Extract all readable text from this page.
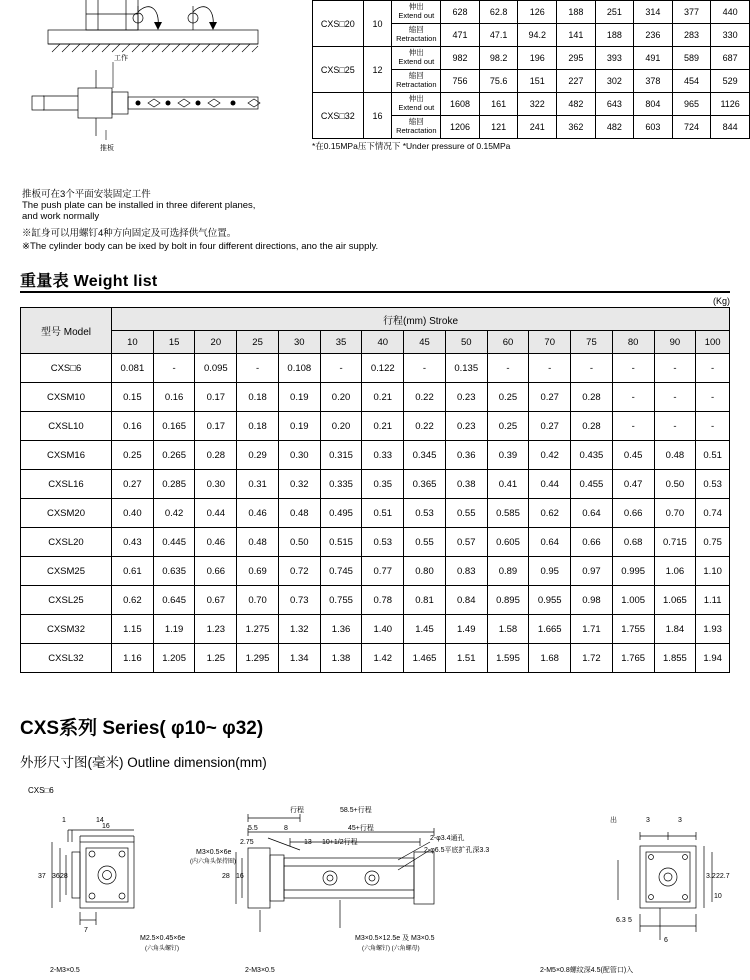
工作
推板
推板可在3个平面安装固定工件
The push plate can be installed in three diferent planes,
and work normally
※缸身可以用螺钉4种方向固定及可选择供气位置。
※The cylinder body can be ixed by bolt in four different directions, ano the air supply.
CXS□20	10	伸出
Extend out	628	62.8	126	188	251	314	377	440
		缩回
Retractation	471	47.1	94.2	141	188	236	283	330
CXS□25	12	伸出
Extend out	982	98.2	196	295	393	491	589	687
		缩回
Retractation	756	75.6	151	227	302	378	454	529
CXS□32	16	伸出
Extend out	1608	161	322	482	643	804	965	1126
		缩回
Retractation	1206	121	241	362	482	603	724	844
*在0.15MPa压下情况下 *Under pressure of 0.15MPa
重量表 Weight list
(Kg)
型号 Model	行程(mm) Stroke														
	10	15	20	25	30	35	40	45	50	60	70	75	80	90	100
CXS□6	0.081	-	0.095	-	0.108	-	0.122	-	0.135	-	-	-	-	-	-
CXSM10	0.15	0.16	0.17	0.18	0.19	0.20	0.21	0.22	0.23	0.25	0.27	0.28	-	-	-
CXSL10	0.16	0.165	0.17	0.18	0.19	0.20	0.21	0.22	0.23	0.25	0.27	0.28	-	-	-
CXSM16	0.25	0.265	0.28	0.29	0.30	0.315	0.33	0.345	0.36	0.39	0.42	0.435	0.45	0.48	0.51
CXSL16	0.27	0.285	0.30	0.31	0.32	0.335	0.35	0.365	0.38	0.41	0.44	0.455	0.47	0.50	0.53
CXSM20	0.40	0.42	0.44	0.46	0.48	0.495	0.51	0.53	0.55	0.585	0.62	0.64	0.66	0.70	0.74
CXSL20	0.43	0.445	0.46	0.48	0.50	0.515	0.53	0.55	0.57	0.605	0.64	0.66	0.68	0.715	0.75
CXSM25	0.61	0.635	0.66	0.69	0.72	0.745	0.77	0.80	0.83	0.89	0.95	0.97	0.995	1.06	1.10
CXSL25	0.62	0.645	0.67	0.70	0.73	0.755	0.78	0.81	0.84	0.895	0.955	0.98	1.005	1.065	1.11
CXSM32	1.15	1.19	1.23	1.275	1.32	1.36	1.40	1.45	1.49	1.58	1.665	1.71	1.755	1.84	1.93
CXSL32	1.16	1.205	1.25	1.295	1.34	1.38	1.42	1.465	1.51	1.595	1.68	1.72	1.765	1.855	1.94
CXS系列 Series( φ10~ φ32)
外形尺寸图(毫米) Outline dimension(mm)
CXS□6
16
14
1
37 36 28
7
M2.5×0.45×6e
(六角头螺钉)
2-M3×0.5	2-M3×0.5
M3×0.5×6e
(内六角头保持圈)
行程	58.5+行程
45+行程
5.5	8
2.75	13 10+1/2行程
2-φ3.4通孔
2-φ6.5平底扩孔深3.3
28 16
M3×0.5×12.5e 及 M3×0.5
(六角螺钉) (六角螺母)
出	3	3
22.7
3.2
10
6
6.3 5
2-M5×0.8螺纹深4.5(配管口)入
